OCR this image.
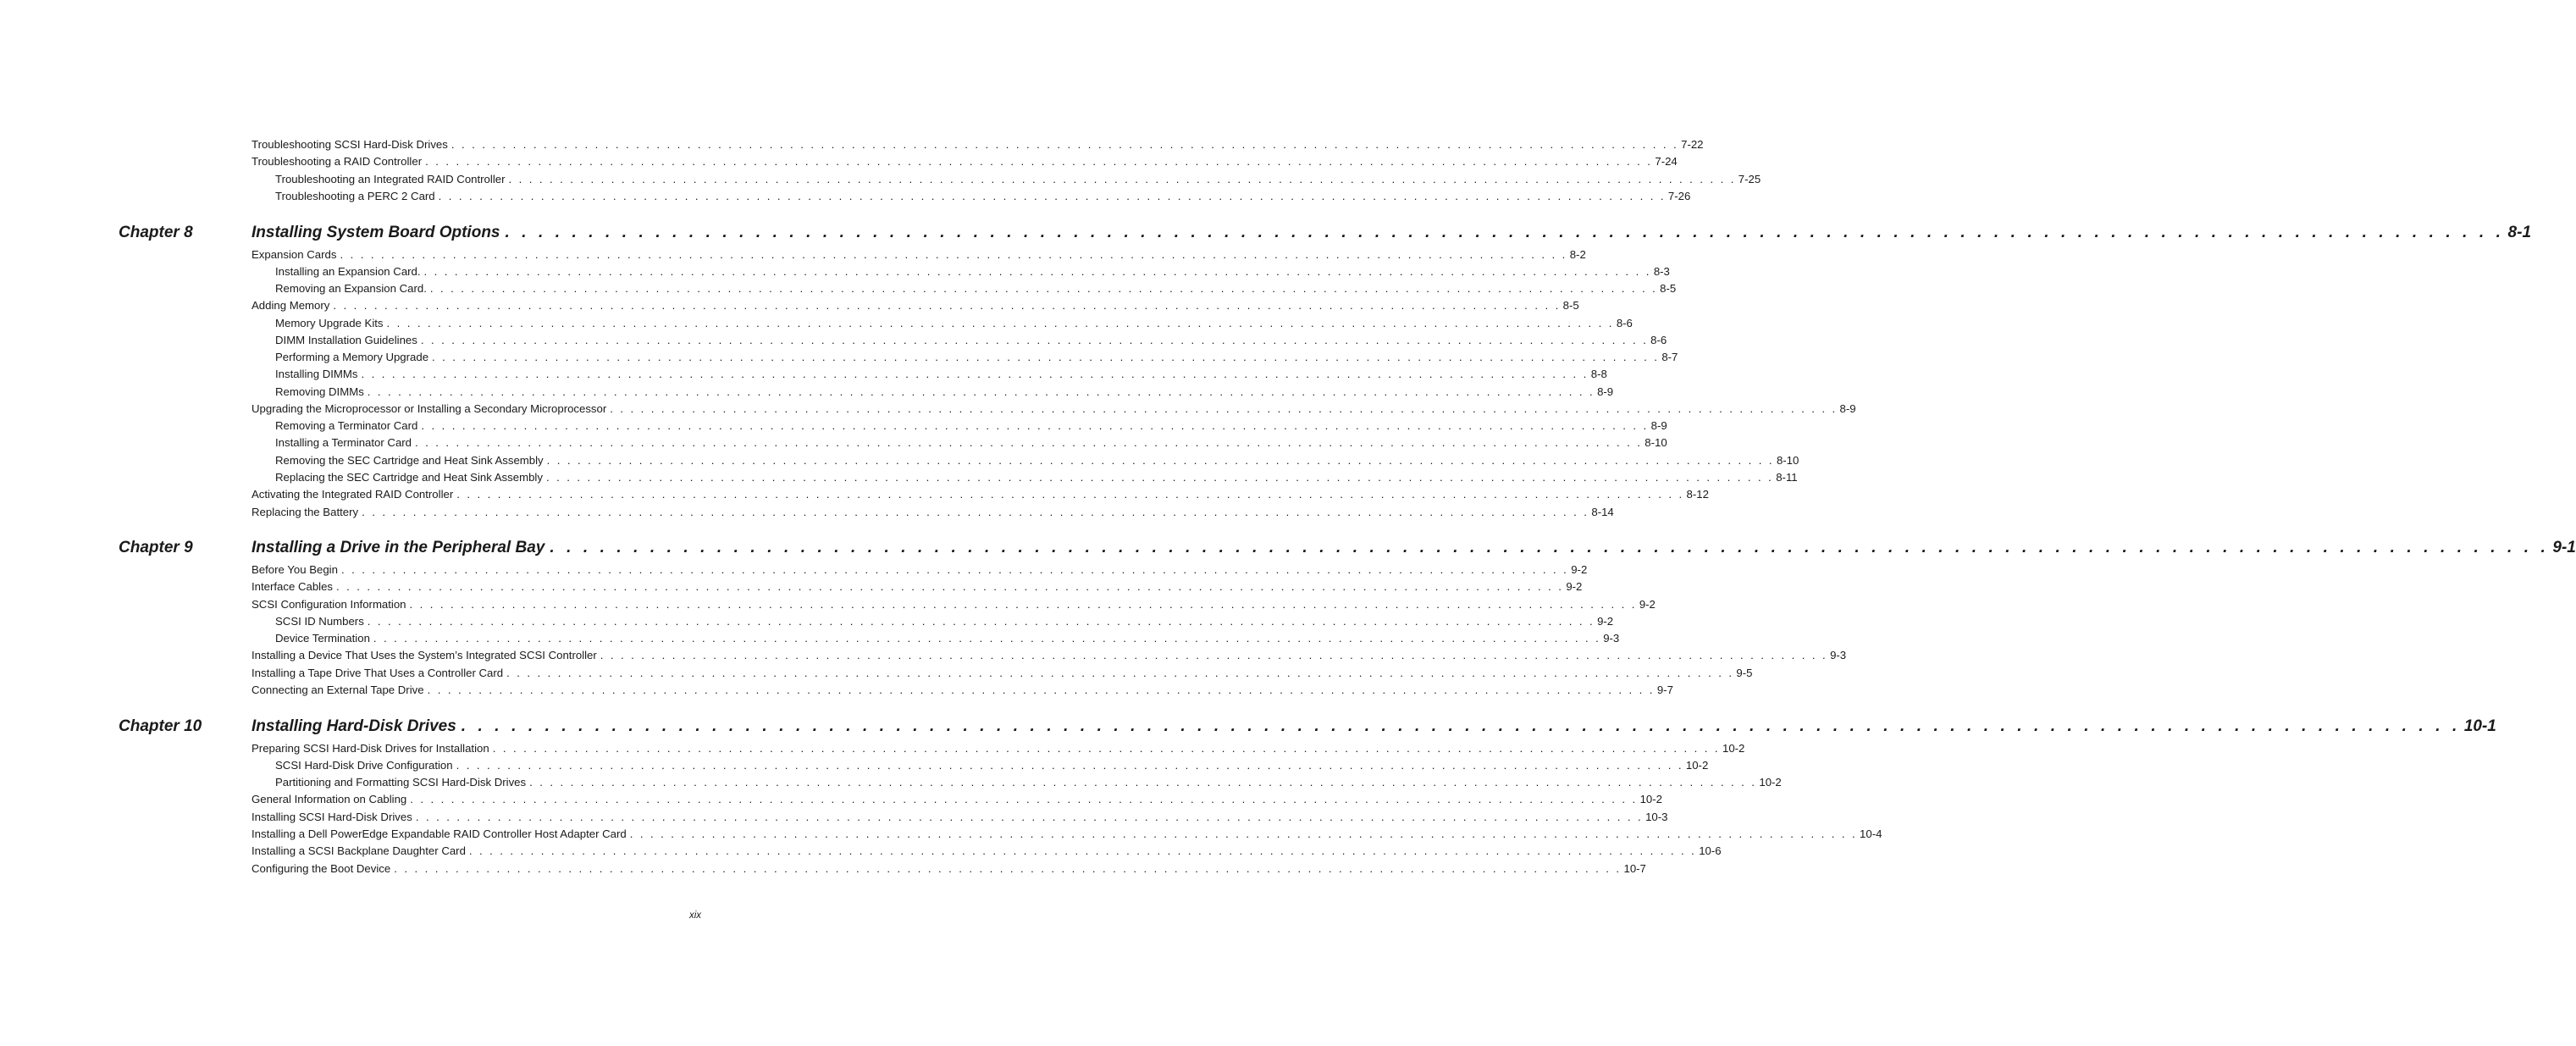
Troubleshooting SCSI Hard-Disk Drives . . . . . . . . . . . . . . . . . . . . . . . . . . . . . . . . . . . . . . . . . . . . . . . . . . . . . . . . . . . . . . . . . . . . . . . . . . . . . . . . . . . . . . . . . . . . . . . . . . . . . . . . . . . . . . . . . . . . . . . . 7-22
Troubleshooting a RAID Controller . . . . . . . . . . . . . . . . . . . . . . . . . . . . . . . . . . . . . . . . . . . . . . . . . . . . . . . . . . . . . . . . . . . . . . . . . . . . . . . . . . . . . . . . . . . . . . . . . . . . . . . . . . . . . . . . . . . . . . . . 7-24
Troubleshooting an Integrated RAID Controller . . . . . . . . . . . . . . . . . . . . . . . . . . . . . . . . . . . . . . . . . . . . . . . . . . . . . . . . . . . . . . . . . . . . . . . . . . . . . . . . . . . . . . . . . . . . . . . . . . . . . . . . . . . . . . . . . . . . . . . . 7-25
Troubleshooting a PERC 2 Card . . . . . . . . . . . . . . . . . . . . . . . . . . . . . . . . . . . . . . . . . . . . . . . . . . . . . . . . . . . . . . . . . . . . . . . . . . . . . . . . . . . . . . . . . . . . . . . . . . . . . . . . . . . . . . . . . . . . . . . . 7-26
Chapter 8	Installing System Board Options . . . . . . . . . . . . . . . . . . . . . . . . . . . . . . . . . . . . . . . . . . . . . . . . . . . . . . . . . . . . . . . . . . . . . . . . . . . . . . . . . . . . . . . . . . . . . . . . . . . . . . . . . . . . . . . . . . . . . . . . 8-1
Expansion Cards . . . . . . . . . . . . . . . . . . . . . . . . . . . . . . . . . . . . . . . . . . . . . . . . . . . . . . . . . . . . . . . . . . . . . . . . . . . . . . . . . . . . . . . . . . . . . . . . . . . . . . . . . . . . . . . . . . . . . . . . 8-2
Installing an Expansion Card. . . . . . . . . . . . . . . . . . . . . . . . . . . . . . . . . . . . . . . . . . . . . . . . . . . . . . . . . . . . . . . . . . . . . . . . . . . . . . . . . . . . . . . . . . . . . . . . . . . . . . . . . . . . . . . . . . . . . . . . . 8-3
Removing an Expansion Card. . . . . . . . . . . . . . . . . . . . . . . . . . . . . . . . . . . . . . . . . . . . . . . . . . . . . . . . . . . . . . . . . . . . . . . . . . . . . . . . . . . . . . . . . . . . . . . . . . . . . . . . . . . . . . . . . . . . . . . . . 8-5
Adding Memory . . . . . . . . . . . . . . . . . . . . . . . . . . . . . . . . . . . . . . . . . . . . . . . . . . . . . . . . . . . . . . . . . . . . . . . . . . . . . . . . . . . . . . . . . . . . . . . . . . . . . . . . . . . . . . . . . . . . . . . . 8-5
Memory Upgrade Kits . . . . . . . . . . . . . . . . . . . . . . . . . . . . . . . . . . . . . . . . . . . . . . . . . . . . . . . . . . . . . . . . . . . . . . . . . . . . . . . . . . . . . . . . . . . . . . . . . . . . . . . . . . . . . . . . . . . . . . . . 8-6
DIMM Installation Guidelines . . . . . . . . . . . . . . . . . . . . . . . . . . . . . . . . . . . . . . . . . . . . . . . . . . . . . . . . . . . . . . . . . . . . . . . . . . . . . . . . . . . . . . . . . . . . . . . . . . . . . . . . . . . . . . . . . . . . . . . . 8-6
Performing a Memory Upgrade . . . . . . . . . . . . . . . . . . . . . . . . . . . . . . . . . . . . . . . . . . . . . . . . . . . . . . . . . . . . . . . . . . . . . . . . . . . . . . . . . . . . . . . . . . . . . . . . . . . . . . . . . . . . . . . . . . . . . . . . 8-7
Installing DIMMs . . . . . . . . . . . . . . . . . . . . . . . . . . . . . . . . . . . . . . . . . . . . . . . . . . . . . . . . . . . . . . . . . . . . . . . . . . . . . . . . . . . . . . . . . . . . . . . . . . . . . . . . . . . . . . . . . . . . . . . . 8-8
Removing DIMMs . . . . . . . . . . . . . . . . . . . . . . . . . . . . . . . . . . . . . . . . . . . . . . . . . . . . . . . . . . . . . . . . . . . . . . . . . . . . . . . . . . . . . . . . . . . . . . . . . . . . . . . . . . . . . . . . . . . . . . . . 8-9
Upgrading the Microprocessor or Installing a Secondary Microprocessor . . . . . . . . . . . . . . . . . . . . . . . . . . . . . . . . . . . . . . . . . . . . . . . . . . . . . . . . . . . . . . . . . . . . . . . . . . . . . . . . . . . . . . . . . . . . . . . . . . . . . . . . . . . . . . . . . . . . . . . . 8-9
Removing a Terminator Card . . . . . . . . . . . . . . . . . . . . . . . . . . . . . . . . . . . . . . . . . . . . . . . . . . . . . . . . . . . . . . . . . . . . . . . . . . . . . . . . . . . . . . . . . . . . . . . . . . . . . . . . . . . . . . . . . . . . . . . . 8-9
Installing a Terminator Card . . . . . . . . . . . . . . . . . . . . . . . . . . . . . . . . . . . . . . . . . . . . . . . . . . . . . . . . . . . . . . . . . . . . . . . . . . . . . . . . . . . . . . . . . . . . . . . . . . . . . . . . . . . . . . . . . . . . . . . . 8-10
Removing the SEC Cartridge and Heat Sink Assembly . . . . . . . . . . . . . . . . . . . . . . . . . . . . . . . . . . . . . . . . . . . . . . . . . . . . . . . . . . . . . . . . . . . . . . . . . . . . . . . . . . . . . . . . . . . . . . . . . . . . . . . . . . . . . . . . . . . . . . . . 8-10
Replacing the SEC Cartridge and Heat Sink Assembly . . . . . . . . . . . . . . . . . . . . . . . . . . . . . . . . . . . . . . . . . . . . . . . . . . . . . . . . . . . . . . . . . . . . . . . . . . . . . . . . . . . . . . . . . . . . . . . . . . . . . . . . . . . . . . . . . . . . . . . . 8-11
Activating the Integrated RAID Controller . . . . . . . . . . . . . . . . . . . . . . . . . . . . . . . . . . . . . . . . . . . . . . . . . . . . . . . . . . . . . . . . . . . . . . . . . . . . . . . . . . . . . . . . . . . . . . . . . . . . . . . . . . . . . . . . . . . . . . . . 8-12
Replacing the Battery . . . . . . . . . . . . . . . . . . . . . . . . . . . . . . . . . . . . . . . . . . . . . . . . . . . . . . . . . . . . . . . . . . . . . . . . . . . . . . . . . . . . . . . . . . . . . . . . . . . . . . . . . . . . . . . . . . . . . . . . 8-14
Chapter 9	Installing a Drive in the Peripheral Bay . . . . . . . . . . . . . . . . . . . . . . . . . . . . . . . . . . . . . . . . . . . . . . . . . . . . . . . . . . . . . . . . . . . . . . . . . . . . . . . . . . . . . . . . . . . . . . . . . . . . . . . . . . . . . . . . . . . . . . . . 9-1
Before You Begin . . . . . . . . . . . . . . . . . . . . . . . . . . . . . . . . . . . . . . . . . . . . . . . . . . . . . . . . . . . . . . . . . . . . . . . . . . . . . . . . . . . . . . . . . . . . . . . . . . . . . . . . . . . . . . . . . . . . . . . . 9-2
Interface Cables . . . . . . . . . . . . . . . . . . . . . . . . . . . . . . . . . . . . . . . . . . . . . . . . . . . . . . . . . . . . . . . . . . . . . . . . . . . . . . . . . . . . . . . . . . . . . . . . . . . . . . . . . . . . . . . . . . . . . . . . 9-2
SCSI Configuration Information . . . . . . . . . . . . . . . . . . . . . . . . . . . . . . . . . . . . . . . . . . . . . . . . . . . . . . . . . . . . . . . . . . . . . . . . . . . . . . . . . . . . . . . . . . . . . . . . . . . . . . . . . . . . . . . . . . . . . . . . 9-2
SCSI ID Numbers . . . . . . . . . . . . . . . . . . . . . . . . . . . . . . . . . . . . . . . . . . . . . . . . . . . . . . . . . . . . . . . . . . . . . . . . . . . . . . . . . . . . . . . . . . . . . . . . . . . . . . . . . . . . . . . . . . . . . . . . 9-2
Device Termination . . . . . . . . . . . . . . . . . . . . . . . . . . . . . . . . . . . . . . . . . . . . . . . . . . . . . . . . . . . . . . . . . . . . . . . . . . . . . . . . . . . . . . . . . . . . . . . . . . . . . . . . . . . . . . . . . . . . . . . . 9-3
Installing a Device That Uses the System’s Integrated SCSI Controller . . . . . . . . . . . . . . . . . . . . . . . . . . . . . . . . . . . . . . . . . . . . . . . . . . . . . . . . . . . . . . . . . . . . . . . . . . . . . . . . . . . . . . . . . . . . . . . . . . . . . . . . . . . . . . . . . . . . . . . . 9-3
Installing a Tape Drive That Uses a Controller Card . . . . . . . . . . . . . . . . . . . . . . . . . . . . . . . . . . . . . . . . . . . . . . . . . . . . . . . . . . . . . . . . . . . . . . . . . . . . . . . . . . . . . . . . . . . . . . . . . . . . . . . . . . . . . . . . . . . . . . . . 9-5
Connecting an External Tape Drive . . . . . . . . . . . . . . . . . . . . . . . . . . . . . . . . . . . . . . . . . . . . . . . . . . . . . . . . . . . . . . . . . . . . . . . . . . . . . . . . . . . . . . . . . . . . . . . . . . . . . . . . . . . . . . . . . . . . . . . . 9-7
Chapter 10	Installing Hard-Disk Drives . . . . . . . . . . . . . . . . . . . . . . . . . . . . . . . . . . . . . . . . . . . . . . . . . . . . . . . . . . . . . . . . . . . . . . . . . . . . . . . . . . . . . . . . . . . . . . . . . . . . . . . . . . . . . . . . . . . . . . . . 10-1
Preparing SCSI Hard-Disk Drives for Installation . . . . . . . . . . . . . . . . . . . . . . . . . . . . . . . . . . . . . . . . . . . . . . . . . . . . . . . . . . . . . . . . . . . . . . . . . . . . . . . . . . . . . . . . . . . . . . . . . . . . . . . . . . . . . . . . . . . . . . . . 10-2
SCSI Hard-Disk Drive Configuration . . . . . . . . . . . . . . . . . . . . . . . . . . . . . . . . . . . . . . . . . . . . . . . . . . . . . . . . . . . . . . . . . . . . . . . . . . . . . . . . . . . . . . . . . . . . . . . . . . . . . . . . . . . . . . . . . . . . . . . . 10-2
Partitioning and Formatting SCSI Hard-Disk Drives . . . . . . . . . . . . . . . . . . . . . . . . . . . . . . . . . . . . . . . . . . . . . . . . . . . . . . . . . . . . . . . . . . . . . . . . . . . . . . . . . . . . . . . . . . . . . . . . . . . . . . . . . . . . . . . . . . . . . . . . 10-2
General Information on Cabling . . . . . . . . . . . . . . . . . . . . . . . . . . . . . . . . . . . . . . . . . . . . . . . . . . . . . . . . . . . . . . . . . . . . . . . . . . . . . . . . . . . . . . . . . . . . . . . . . . . . . . . . . . . . . . . . . . . . . . . . 10-2
Installing SCSI Hard-Disk Drives . . . . . . . . . . . . . . . . . . . . . . . . . . . . . . . . . . . . . . . . . . . . . . . . . . . . . . . . . . . . . . . . . . . . . . . . . . . . . . . . . . . . . . . . . . . . . . . . . . . . . . . . . . . . . . . . . . . . . . . . 10-3
Installing a Dell PowerEdge Expandable RAID Controller Host Adapter Card . . . . . . . . . . . . . . . . . . . . . . . . . . . . . . . . . . . . . . . . . . . . . . . . . . . . . . . . . . . . . . . . . . . . . . . . . . . . . . . . . . . . . . . . . . . . . . . . . . . . . . . . . . . . . . . . . . . . . . . . 10-4
Installing a SCSI Backplane Daughter Card . . . . . . . . . . . . . . . . . . . . . . . . . . . . . . . . . . . . . . . . . . . . . . . . . . . . . . . . . . . . . . . . . . . . . . . . . . . . . . . . . . . . . . . . . . . . . . . . . . . . . . . . . . . . . . . . . . . . . . . . 10-6
Configuring the Boot Device . . . . . . . . . . . . . . . . . . . . . . . . . . . . . . . . . . . . . . . . . . . . . . . . . . . . . . . . . . . . . . . . . . . . . . . . . . . . . . . . . . . . . . . . . . . . . . . . . . . . . . . . . . . . . . . . . . . . . . . . 10-7
xix
